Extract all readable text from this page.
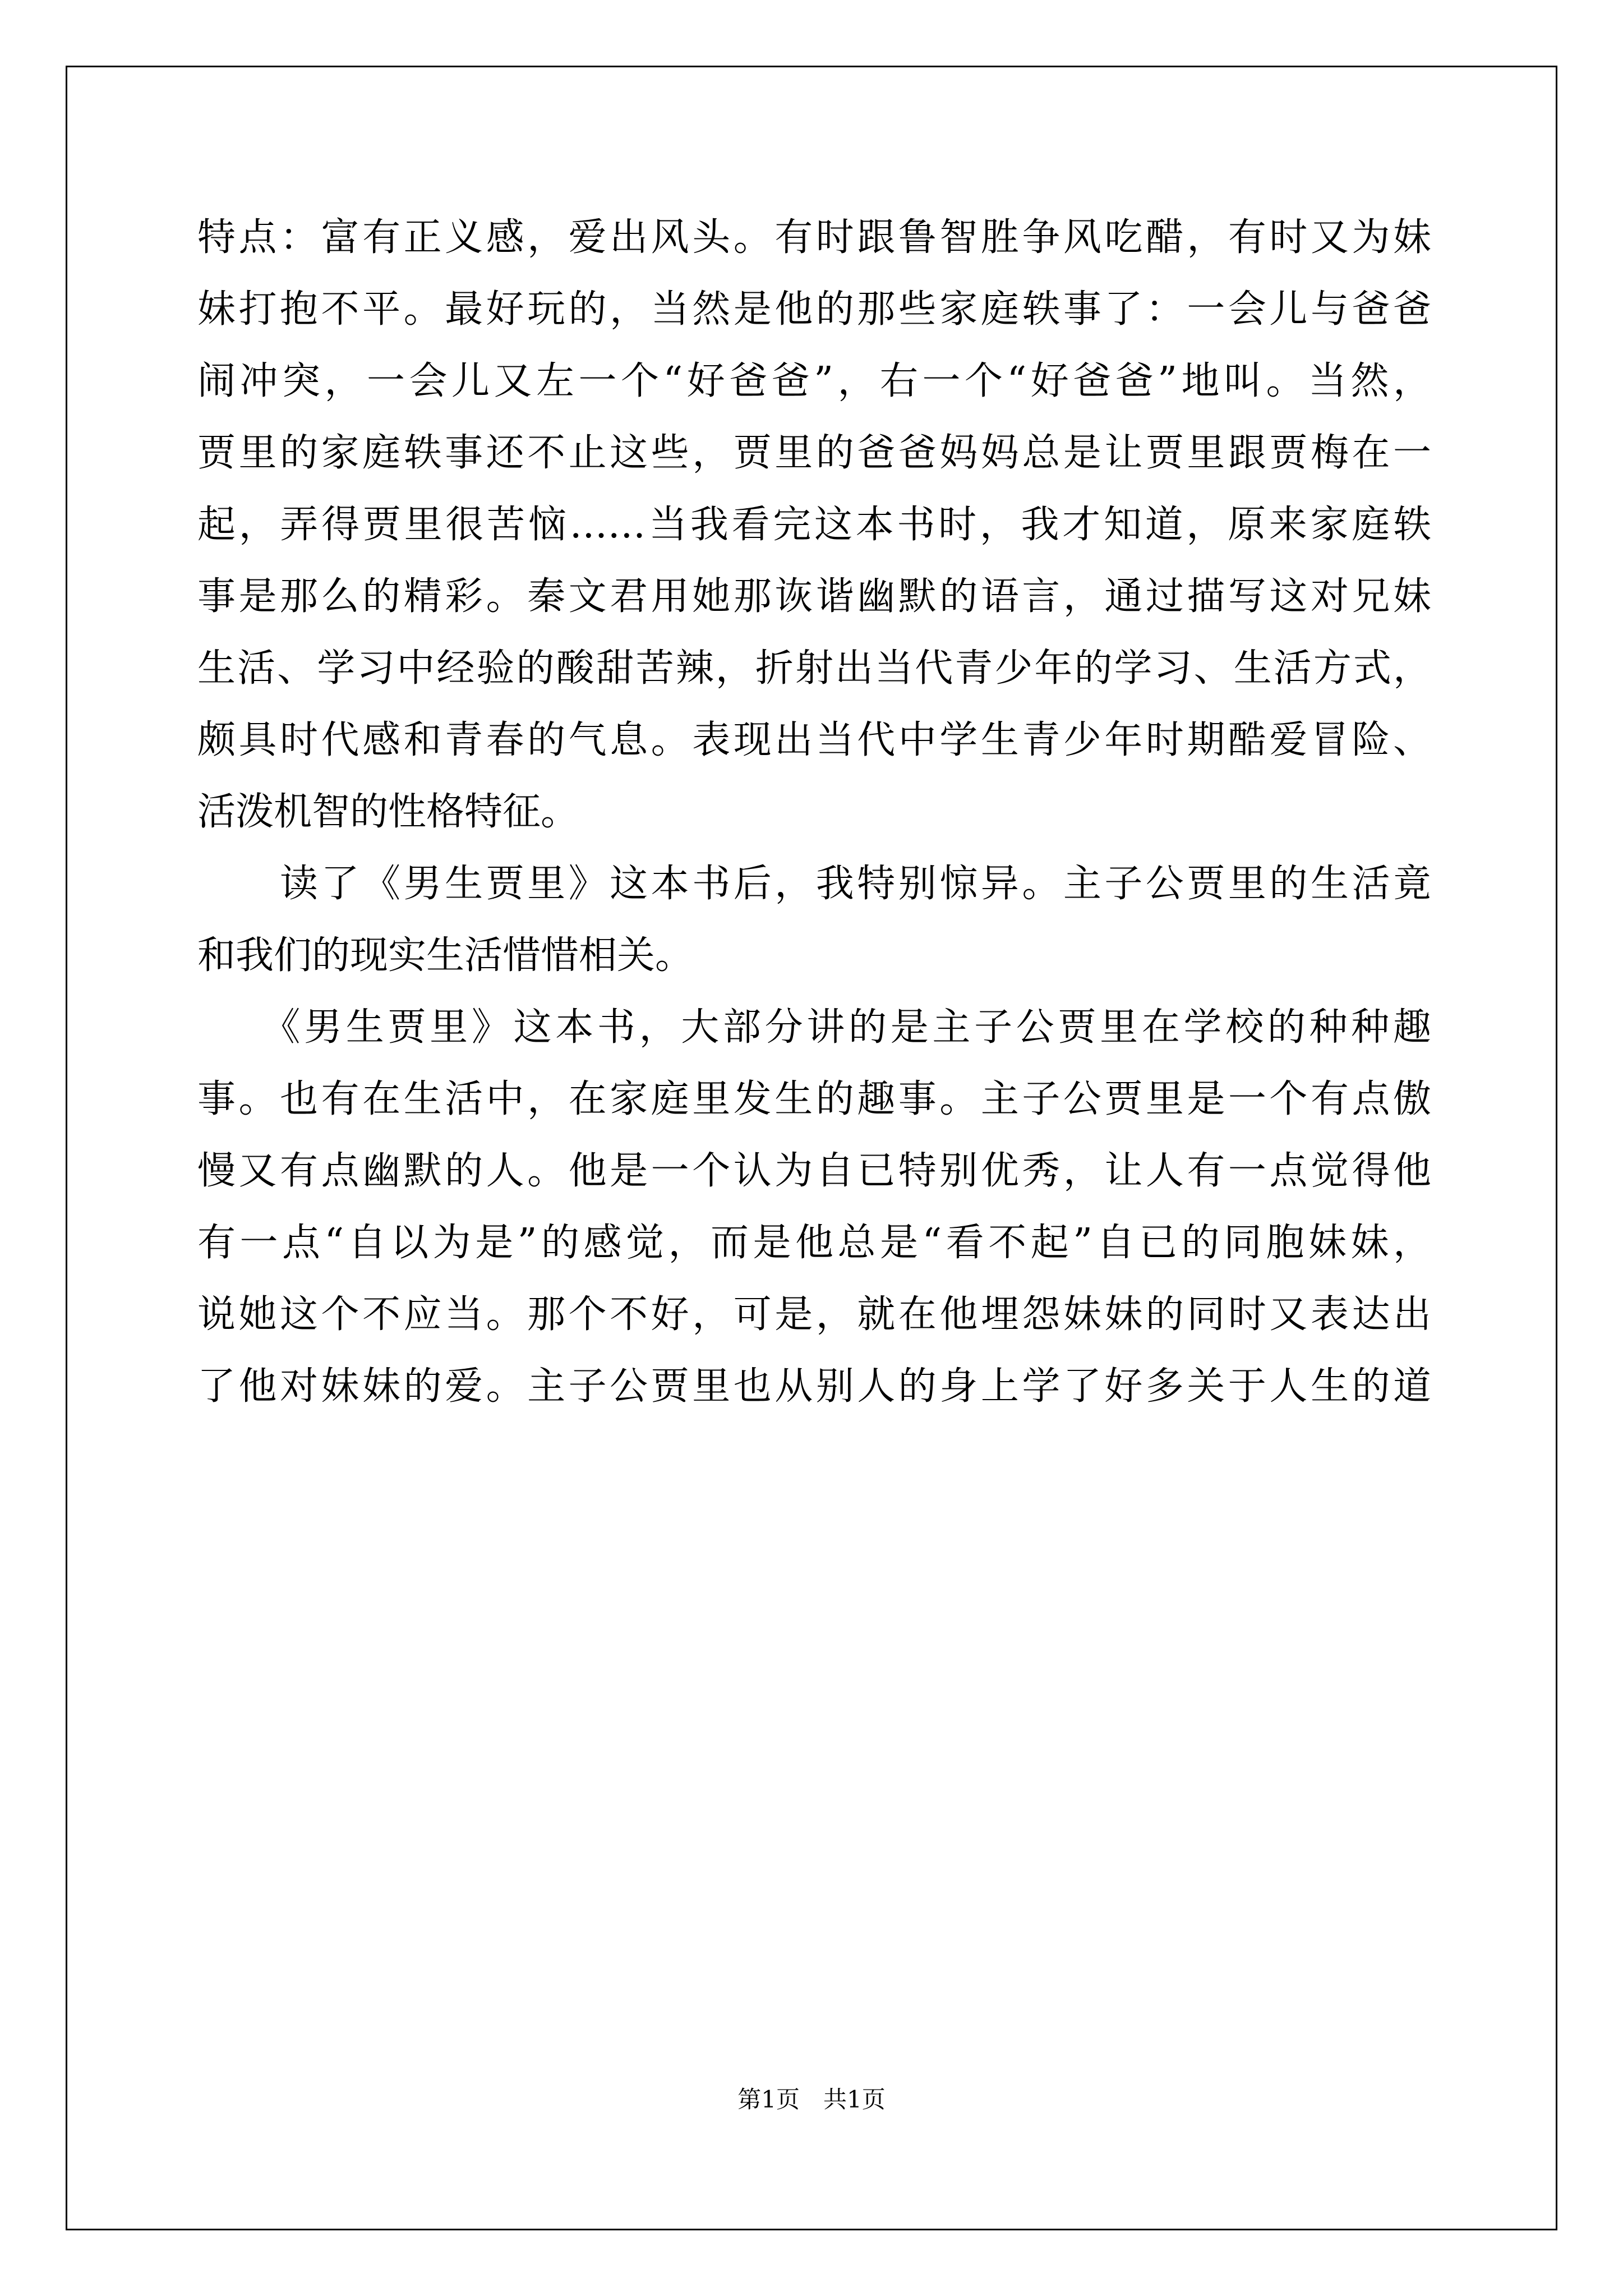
特点：富有正义感，爱出风头。有时跟鲁智胜争风吃醋，有时又为妹
妹打抱不平。最好玩的，当然是他的那些家庭轶事了：一会儿与爸爸
闹冲突，一会儿又左一个“好爸爸”，右一个“好爸爸”地叫。当然，
贾里的家庭轶事还不止这些，贾里的爸爸妈妈总是让贾里跟贾梅在一
起，弄得贾里很苦恼……当我看完这本书时，我才知道，原来家庭轶
事是那么的精彩。秦文君用她那诙谐幽默的语言，通过描写这对兄妹
生活、学习中经验的酸甜苦辣，折射出当代青少年的学习、生活方式，
颇具时代感和青春的气息。表现出当代中学生青少年时期酷爱冒险、
活泼机智的性格特征。
　　读了《男生贾里》这本书后，我特别惊异。主子公贾里的生活竟
和我们的现实生活惜惜相关。
　　《男生贾里》这本书，大部分讲的是主子公贾里在学校的种种趣
事。也有在生活中，在家庭里发生的趣事。主子公贾里是一个有点傲
慢又有点幽默的人。他是一个认为自已特别优秀，让人有一点觉得他
有一点“自以为是”的感觉，而是他总是“看不起”自已的同胞妹妹，
说她这个不应当。那个不好，可是，就在他埋怨妹妹的同时又表达出
了他对妹妹的爱。主子公贾里也从别人的身上学了好多关于人生的道
第1页　共1页
